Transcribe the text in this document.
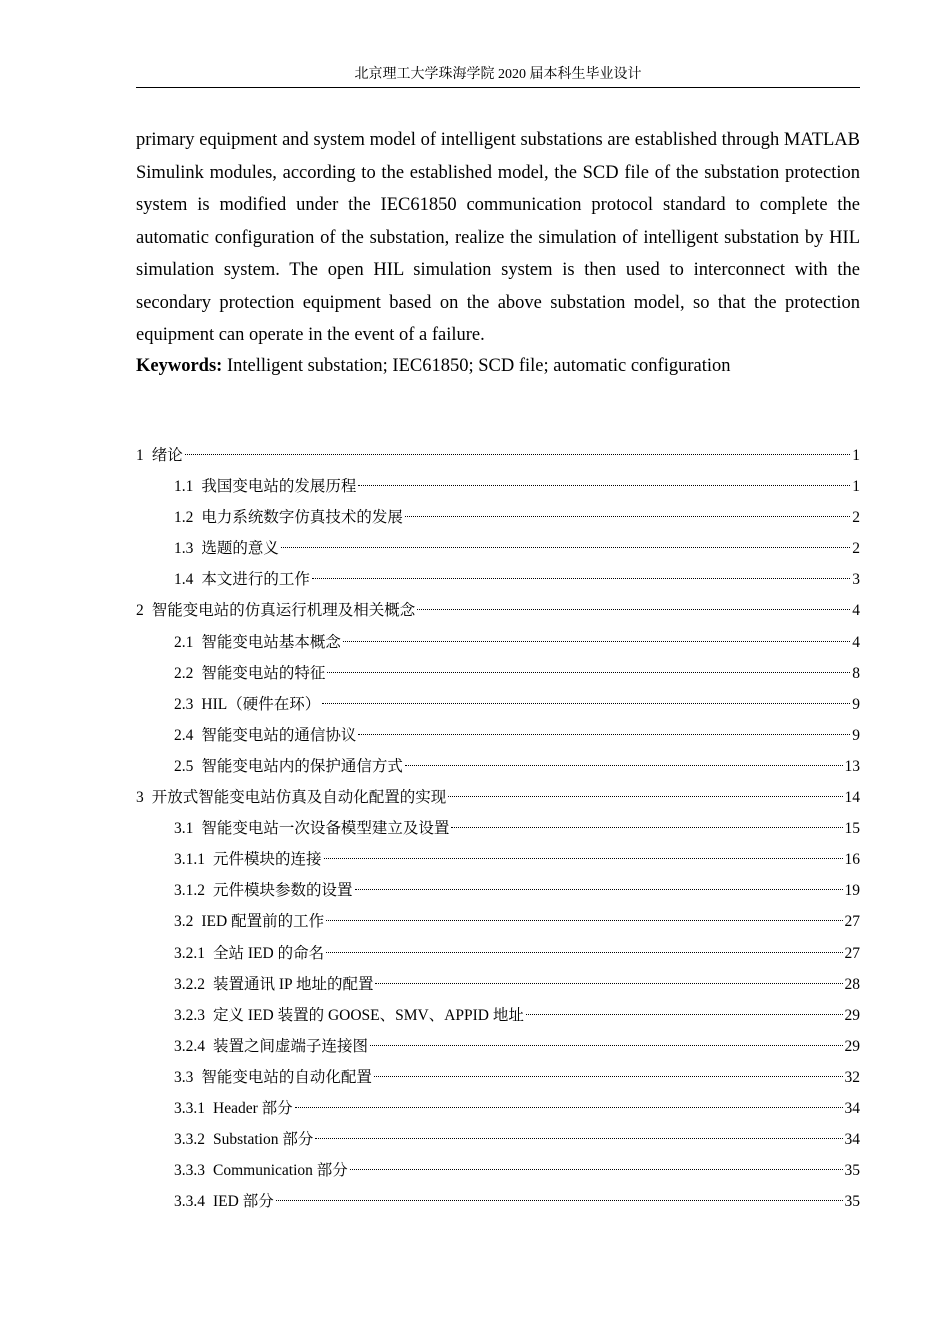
北京理工大学珠海学院 2020 届本科生毕业设计
primary equipment and system model of intelligent substations are established through MATLAB Simulink modules, according to the established model, the SCD file of the substation protection system is modified under the IEC61850 communication protocol standard to complete the automatic configuration of the substation, realize the simulation of intelligent substation by HIL simulation system. The open HIL simulation system is then used to interconnect with the secondary protection equipment based on the above substation model, so that the protection equipment can operate in the event of a failure.
Keywords: Intelligent substation; IEC61850; SCD file; automatic configuration
1 绪论	1
1.1 我国变电站的发展历程	1
1.2 电力系统数字仿真技术的发展	2
1.3 选题的意义	2
1.4 本文进行的工作	3
2 智能变电站的仿真运行机理及相关概念	4
2.1 智能变电站基本概念	4
2.2 智能变电站的特征	8
2.3 HIL（硬件在环）	9
2.4 智能变电站的通信协议	9
2.5 智能变电站内的保护通信方式	13
3 开放式智能变电站仿真及自动化配置的实现	14
3.1 智能变电站一次设备模型建立及设置	15
3.1.1 元件模块的连接	16
3.1.2 元件模块参数的设置	19
3.2 IED 配置前的工作	27
3.2.1 全站 IED 的命名	27
3.2.2 装置通讯 IP 地址的配置	28
3.2.3 定义 IED 装置的 GOOSE、SMV、APPID 地址	29
3.2.4 装置之间虚端子连接图	29
3.3 智能变电站的自动化配置	32
3.3.1 Header 部分	34
3.3.2 Substation 部分	34
3.3.3 Communication 部分	35
3.3.4 IED 部分	35
